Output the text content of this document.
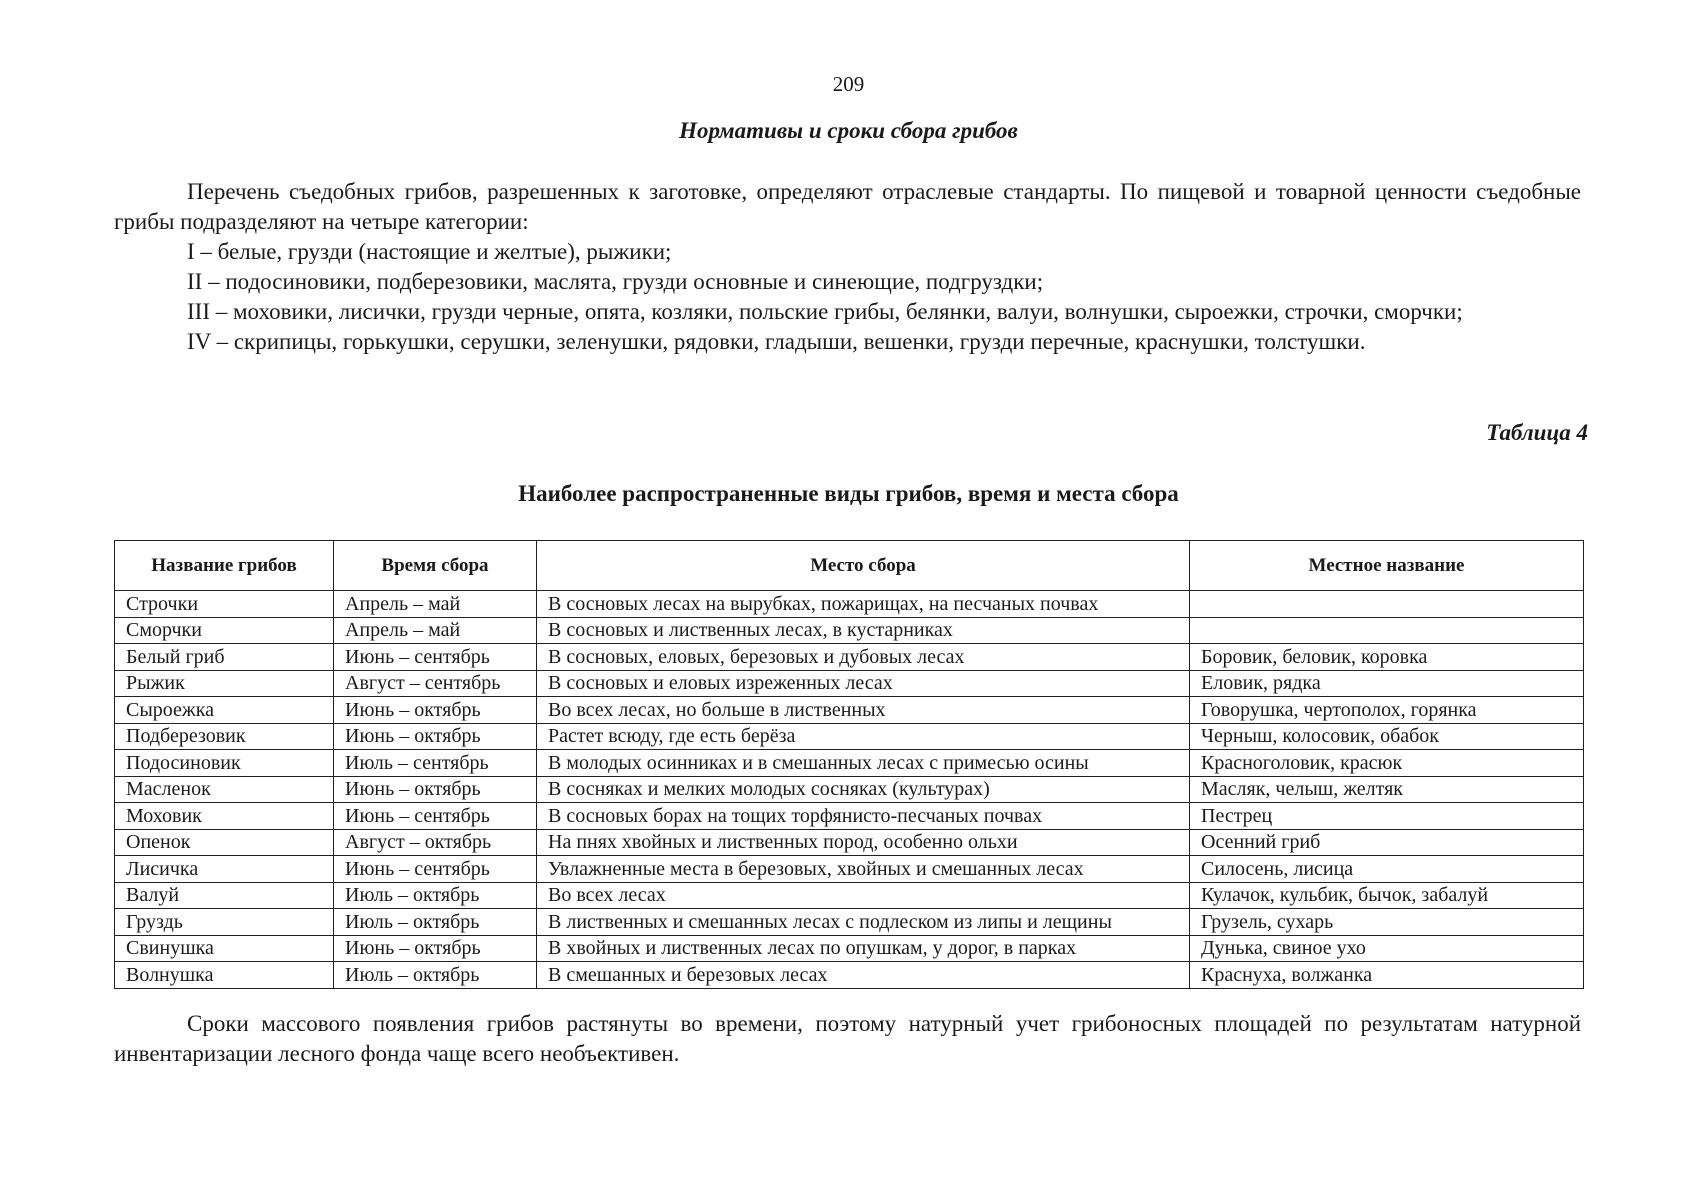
209
Нормативы и сроки сбора грибов

Перечень съедобных грибов, разрешенных к заготовке, определяют отраслевые стандарты. По пищевой и товарной ценности съедобные грибы подразделяют на четыре категории:

I – белые, грузди (настоящие и желтые), рыжики;

II – подосиновики, подберезовики, маслята, грузди основные и синеющие, подгруздки;

III – моховики, лисички, грузди черные, опята, козляки, польские грибы, белянки, валуи, волнушки, сыроежки, строчки, сморчки;

IV – скрипицы, горькушки, серушки, зеленушки, рядовки, гладыши, вешенки, грузди перечные, краснушки, толстушки.

Таблица 4
Наиболее распространенные виды грибов, время и места сбора
Название грибов	Время сбора	Место сбора	Местное название
Строчки	Апрель – май	В сосновых лесах на вырубках, пожарищах, на песчаных почвах	
Сморчки	Апрель – май	В сосновых и лиственных лесах, в кустарниках	
Белый гриб	Июнь – сентябрь	В сосновых, еловых, березовых и дубовых лесах	Боровик, беловик, коровка
Рыжик	Август – сентябрь	В сосновых и еловых изреженных лесах	Еловик, рядка
Сыроежка	Июнь – октябрь	Во всех лесах, но больше в лиственных	Говорушка, чертополох, горянка
Подберезовик	Июнь – октябрь	Растет всюду, где есть берёза	Черныш, колосовик, обабок
Подосиновик	Июль – сентябрь	В молодых осинниках и в смешанных лесах с примесью осины	Красноголовик, красюк
Масленок	Июнь – октябрь	В сосняках и мелких молодых сосняках (культурах)	Масляк, челыш, желтяк
Моховик	Июнь – сентябрь	В сосновых борах на тощих торфянисто-песчаных почвах	Пестрец
Опенок	Август – октябрь	На пнях хвойных и лиственных пород, особенно ольхи	Осенний гриб
Лисичка	Июнь – сентябрь	Увлажненные места в березовых, хвойных и смешанных лесах	Силосень, лисица
Валуй	Июль – октябрь	Во всех лесах	Кулачок, кульбик, бычок, забалуй
Груздь	Июль – октябрь	В лиственных и смешанных лесах с подлеском из липы и лещины	Грузель, сухарь
Свинушка	Июнь – октябрь	В хвойных и лиственных лесах по опушкам, у дорог, в парках	Дунька, свиное ухо
Волнушка	Июль – октябрь	В смешанных и березовых лесах	Краснуха, волжанка

Сроки массового появления грибов растянуты во времени, поэтому натурный учет грибоносных площадей по результатам натурной инвентаризации лесного фонда чаще всего необъективен.
